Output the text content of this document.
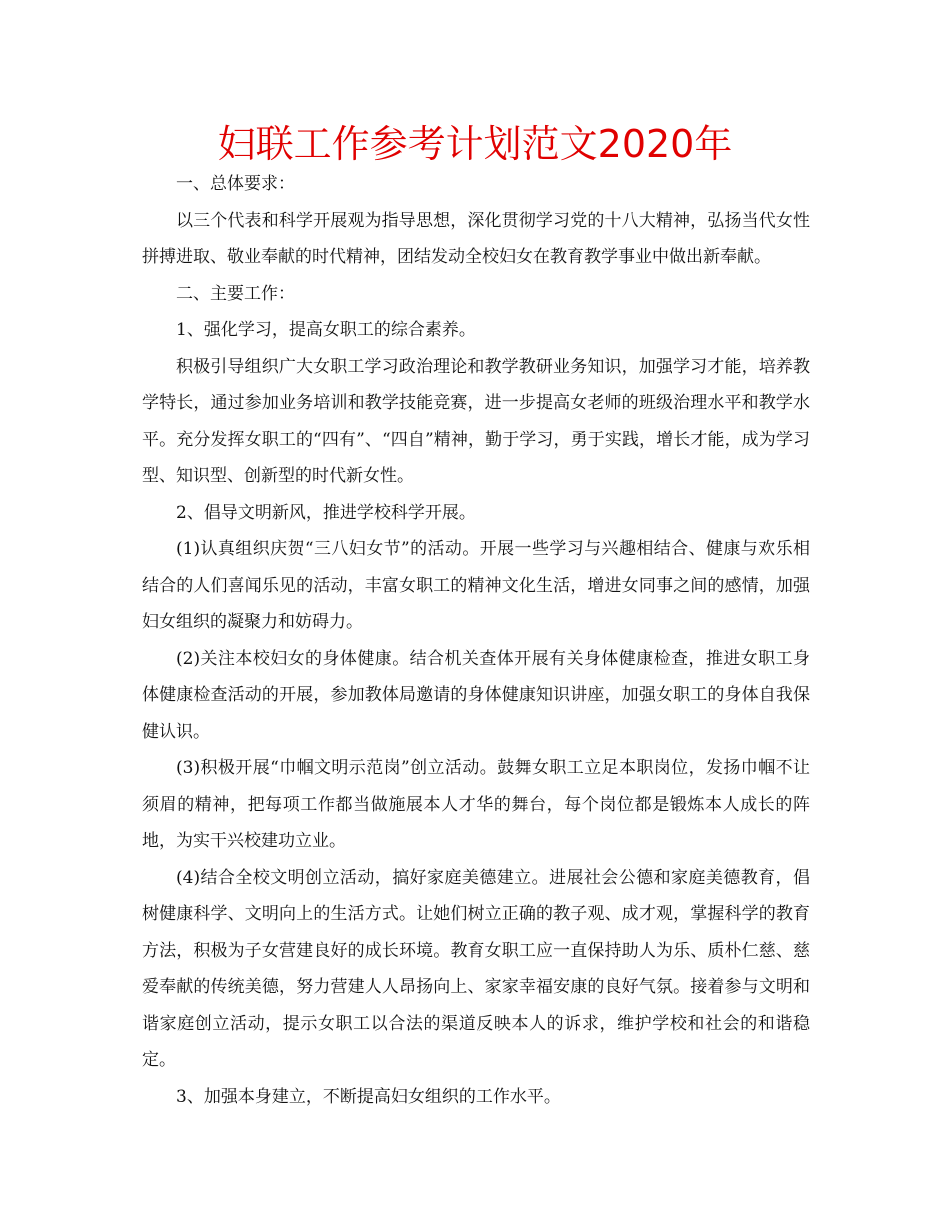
妇联工作参考计划范文2020年

一、总体要求：

以三个代表和科学开展观为指导思想，深化贯彻学习党的十八大精神，弘扬当代女性拼搏进取、敬业奉献的时代精神，团结发动全校妇女在教育教学事业中做出新奉献。

二、主要工作：

1、强化学习，提高女职工的综合素养。

积极引导组织广大女职工学习政治理论和教学教研业务知识，加强学习才能，培养教学特长，通过参加业务培训和教学技能竞赛，进一步提高女老师的班级治理水平和教学水平。充分发挥女职工的“四有”、“四自”精神，勤于学习，勇于实践，增长才能，成为学习型、知识型、创新型的时代新女性。

2、倡导文明新风，推进学校科学开展。

(1)认真组织庆贺“三八妇女节”的活动。开展一些学习与兴趣相结合、健康与欢乐相结合的人们喜闻乐见的活动，丰富女职工的精神文化生活，增进女同事之间的感情，加强妇女组织的凝聚力和妨碍力。

(2)关注本校妇女的身体健康。结合机关查体开展有关身体健康检查，推进女职工身体健康检查活动的开展，参加教体局邀请的身体健康知识讲座，加强女职工的身体自我保健认识。

(3)积极开展“巾帼文明示范岗”创立活动。鼓舞女职工立足本职岗位，发扬巾帼不让须眉的精神，把每项工作都当做施展本人才华的舞台，每个岗位都是锻炼本人成长的阵地，为实干兴校建功立业。

(4)结合全校文明创立活动，搞好家庭美德建立。进展社会公德和家庭美德教育，倡树健康科学、文明向上的生活方式。让她们树立正确的教子观、成才观，掌握科学的教育方法，积极为子女营建良好的成长环境。教育女职工应一直保持助人为乐、质朴仁慈、慈爱奉献的传统美德，努力营建人人昂扬向上、家家幸福安康的良好气氛。接着参与文明和谐家庭创立活动，提示女职工以合法的渠道反映本人的诉求，维护学校和社会的和谐稳定。

3、加强本身建立，不断提高妇女组织的工作水平。
